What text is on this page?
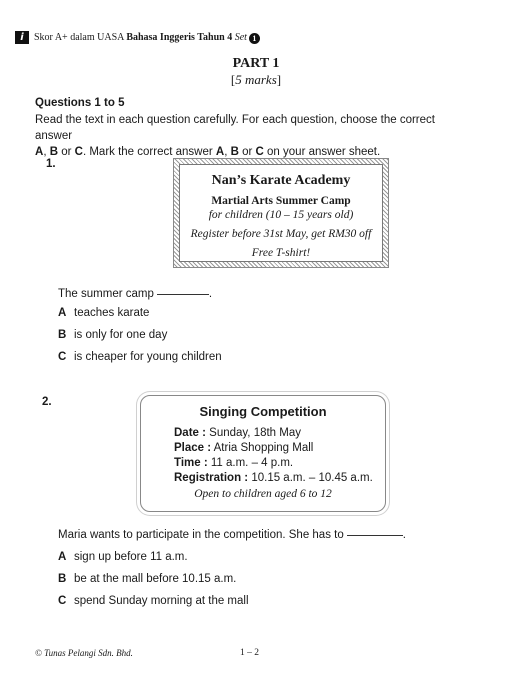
i	Skor A+ dalam UASA Bahasa Inggeris Tahun 4 Set 1
PART 1
[5 marks]
Questions 1 to 5
Read the text in each question carefully. For each question, choose the correct answer
A, B or C. Mark the correct answer A, B or C on your answer sheet.
1.
Nan’s Karate Academy
Martial Arts Summer Camp
for children (10 – 15 years old)
Register before 31st May, get RM30 off
Free T-shirt!
The summer camp	.
A teaches karate
B is only for one day
C is cheaper for young children
2.
Singing Competition
Date : Sunday, 18th May
Place : Atria Shopping Mall
Time : 11 a.m. – 4 p.m.
Registration : 10.15 a.m. – 10.45 a.m.
Open to children aged 6 to 12
Maria wants to participate in the competition. She has to	.
A sign up before 11 a.m.
B be at the mall before 10.15 a.m.
C spend Sunday morning at the mall
© Tunas Pelangi Sdn. Bhd.	1 – 2
